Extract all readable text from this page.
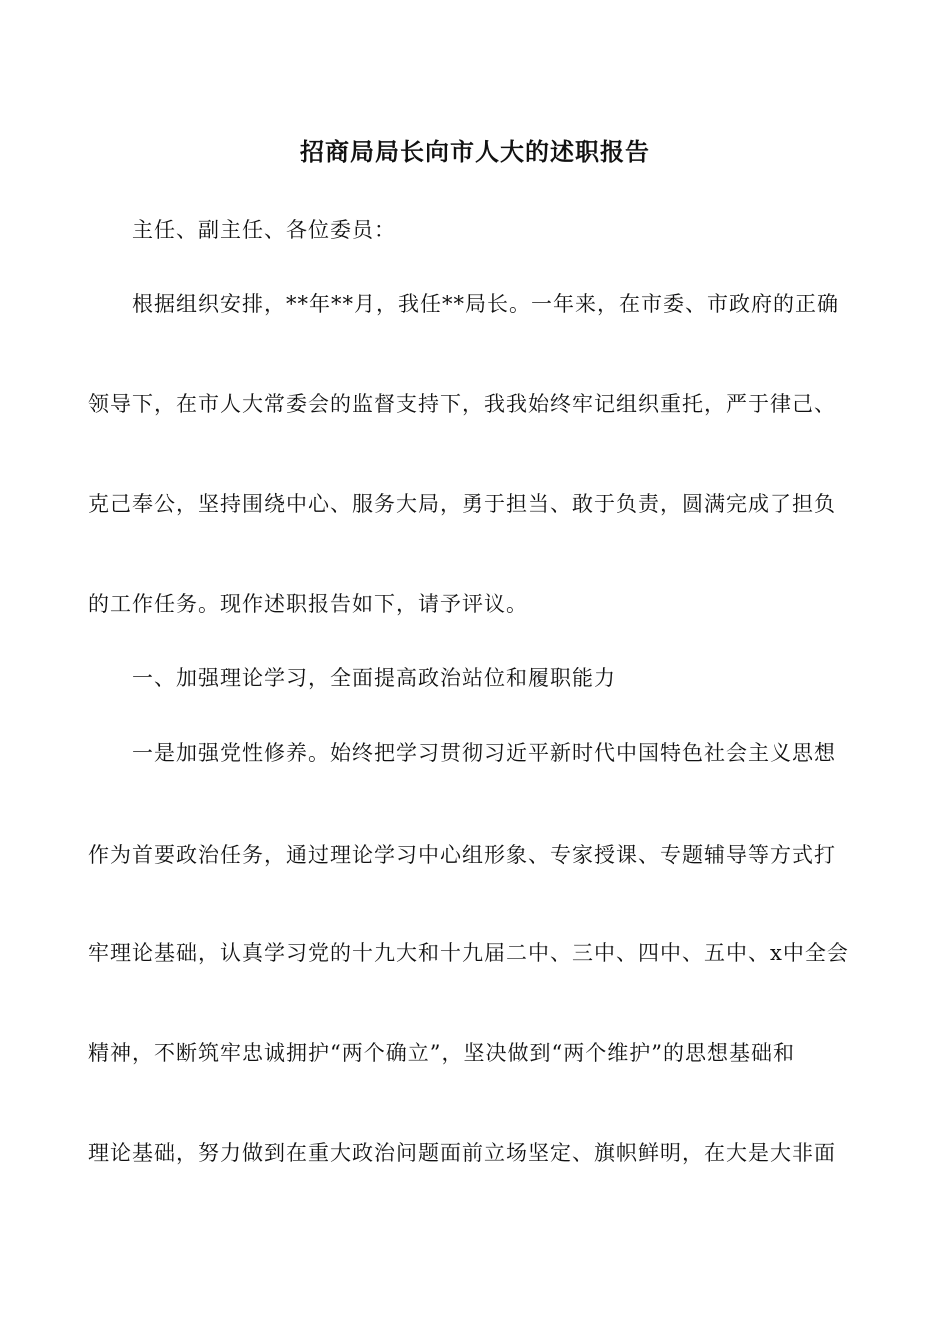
招商局局长向市人大的述职报告
主任、副主任、各位委员：
根据组织安排，**年**月，我任**局长。一年来，在市委、市政府的正确
领导下，在市人大常委会的监督支持下，我我始终牢记组织重托，严于律己、
克己奉公，坚持围绕中心、服务大局，勇于担当、敢于负责，圆满完成了担负
的工作任务。现作述职报告如下，请予评议。
一、加强理论学习，全面提高政治站位和履职能力
一是加强党性修养。始终把学习贯彻习近平新时代中国特色社会主义思想
作为首要政治任务，通过理论学习中心组形象、专家授课、专题辅导等方式打
牢理论基础，认真学习党的十九大和十九届二中、三中、四中、五中、x中全会
精神，不断筑牢忠诚拥护“两个确立”，坚决做到“两个维护”的思想基础和
理论基础，努力做到在重大政治问题面前立场坚定、旗帜鲜明，在大是大非面
